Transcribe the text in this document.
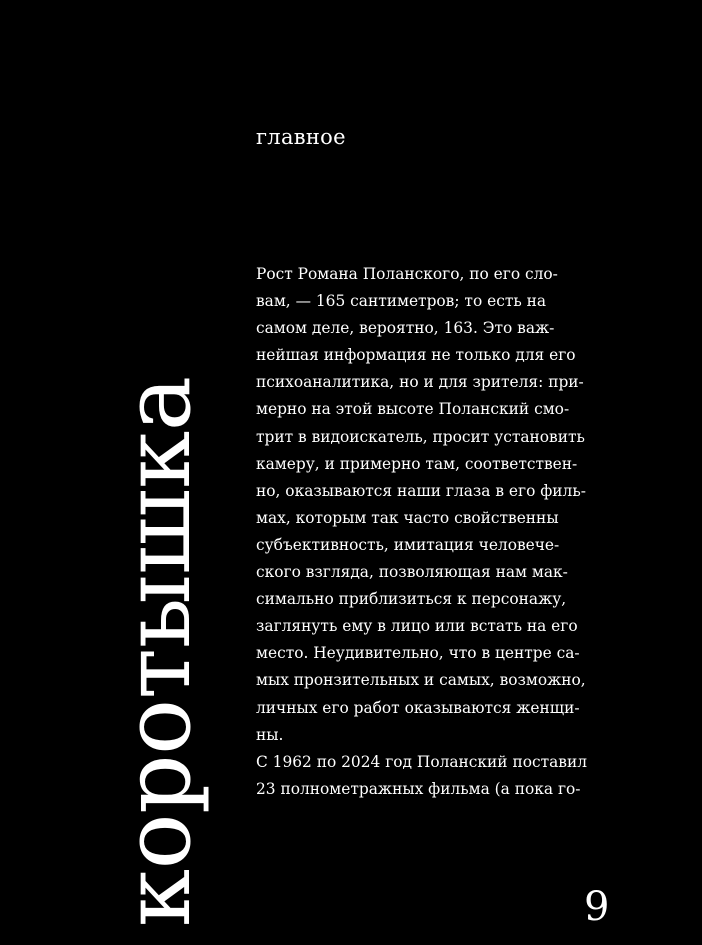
главное
коротышка
Рост Романа Поланского, по его сло-
вам, — 165 сантиметров; то есть на
самом деле, вероятно, 163. Это важ-
нейшая информация не только для его
психоаналитика, но и для зрителя: при-
мерно на этой высоте Поланский смо-
трит в видоискатель, просит установить
камеру, и примерно там, соответствен-
но, оказываются наши глаза в его филь-
мах, которым так часто свойственны
субъективность, имитация человече-
ского взгляда, позволяющая нам мак-
симально приблизиться к персонажу,
заглянуть ему в лицо или встать на его
место. Неудивительно, что в центре са-
мых пронзительных и самых, возможно,
личных его работ оказываются женщи-
ны.
С 1962 по 2024 год Поланский поставил
23 полнометражных фильма (а пока го-
9
